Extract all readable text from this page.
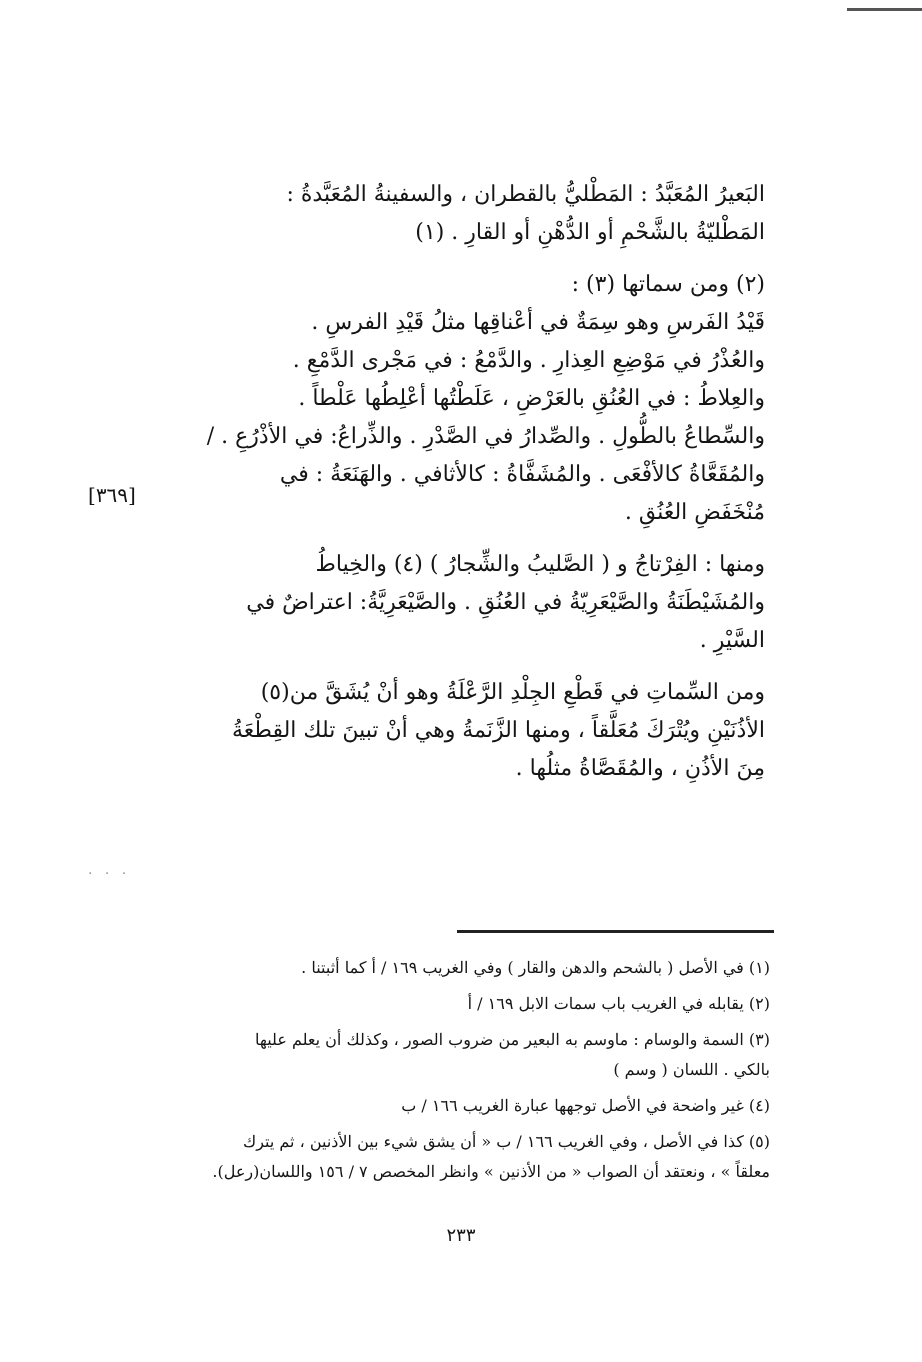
البَعيرُ المُعَبَّدُ : المَطْليُّ بالقطران ، والسفينةُ المُعَبَّدةُ :

المَطْليّةُ بالشَّحْمِ أو الدُّهْنِ أو القارِ . (١)

(٢) ومن سماتها (٣) :

قَيْدُ الفَرسِ وهو سِمَةٌ في أعْناقِها مثلُ قَيْدِ الفرسِ .

والعُذْرُ في مَوْضِعِ العِذارِ . والدَّمْعُ : في مَجْرى الدَّمْعِ .

والعِلاطُ : في العُنُقِ بالعَرْضِ ، عَلَطْتُها أعْلِطُها عَلْطاً .

والسِّطاعُ بالطُّولِ . والصِّدارُ في الصَّدْرِ . والذِّراعُ: في الأذْرُعِ . /

والمُقَعَّاةُ كالأفْعَى . والمُشَفَّاةُ : كالأثافي . والهَنَعَةُ : في

مُنْخَفَضِ العُنُقِ .

ومنها : الفِرْتاجُ و ( الصَّليبُ والشِّجارُ ) (٤) والخِياطُ

والمُشَيْطَنَةُ والصَّيْعَرِيّةُ في العُنُقِ . والصَّيْعَرِيَّةُ: اعتراضٌ في

السَّيْرِ .

ومن السِّماتِ في قَطْعِ الجِلْدِ الرَّعْلَةُ وهو أنْ يُشَقَّ من(٥)

الأذُنَيْنِ ويُتْرَكَ مُعَلَّقاً ، ومنها الزَّنَمةُ وهي أنْ تبينَ تلك القِطْعَةُ

مِنَ الأذُنِ ، والمُقَصَّاةُ مثلُها .

[٣٦٩]
· · ·

(١) في الأصل ( بالشحم والدهن والقار ) وفي الغريب ١٦٩ / أ كما أثبتنا .

(٢) يقابله في الغريب باب سمات الابل ١٦٩ / أ

(٣) السمة والوسام : ماوسم به البعير من ضروب الصور ، وكذلك أن يعلم عليها

بالكي . اللسان ( وسم )

(٤) غير واضحة في الأصل توجهها عبارة الغريب ١٦٦ / ب

(٥) كذا في الأصل ، وفي الغريب ١٦٦ / ب « أن يشق شيء بين الأذنين ، ثم يترك

معلقاً » ، ونعتقد أن الصواب « من الأذنين » وانظر المخصص ٧ / ١٥٦ واللسان(رعل).

٢٣٣
